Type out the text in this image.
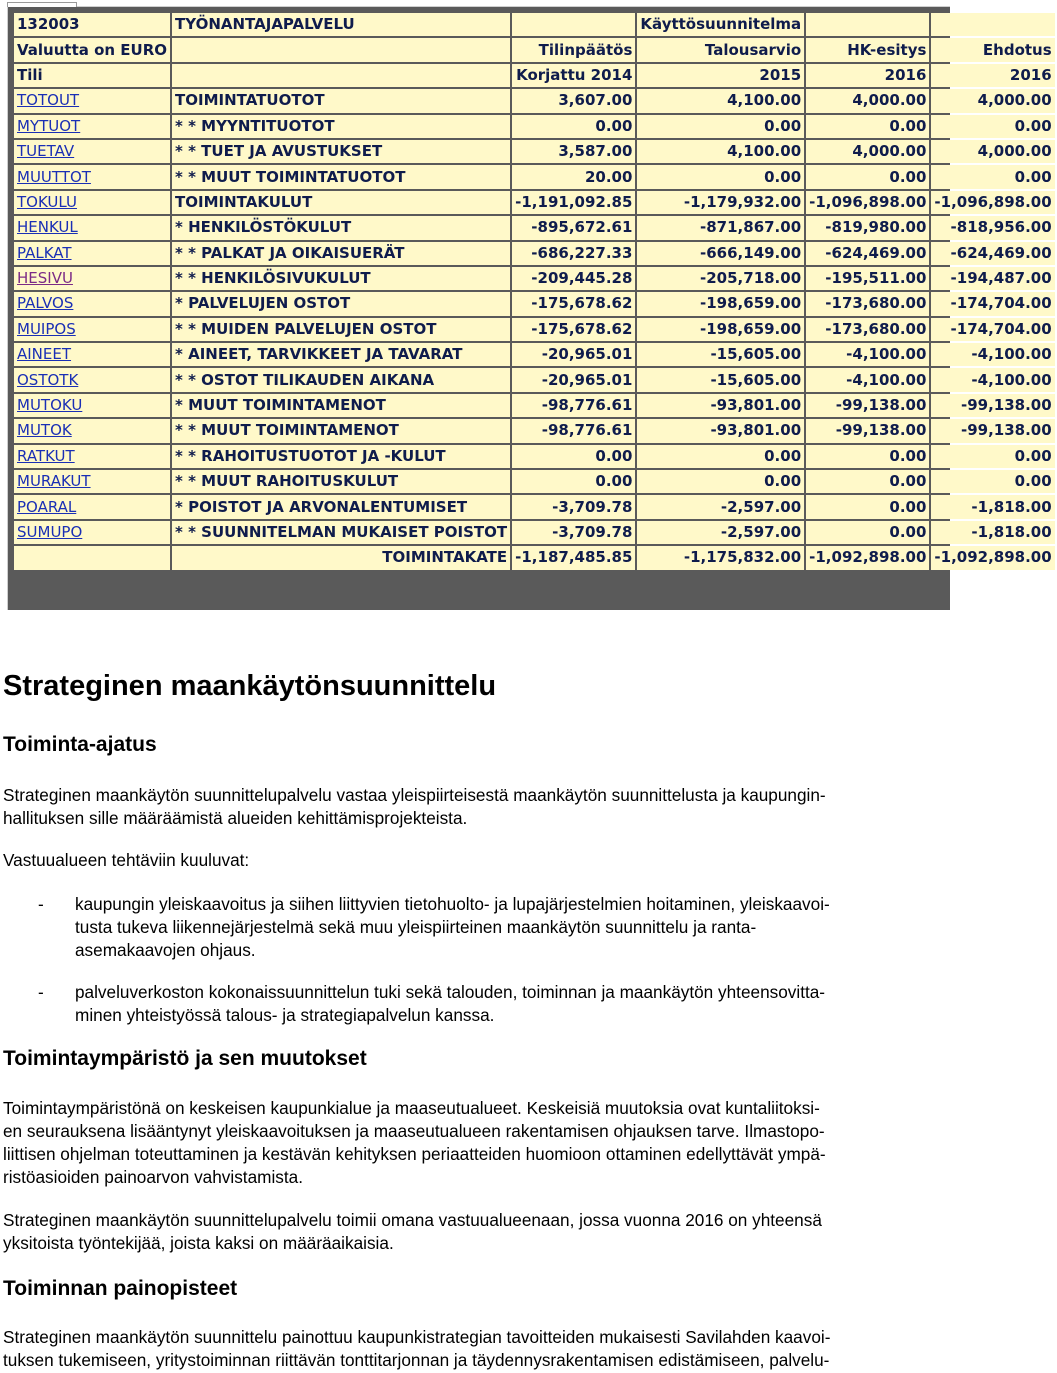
132003	TYÖNANTAJAPALVELU		Käyttösuunnitelma		
Valuutta on EURO		Tilinpäätös	Talousarvio	HK-esitys	Ehdotus
Tili		Korjattu 2014	2015	2016	2016
TOTOUT	TOIMINTATUOTOT	3,607.00	4,100.00	4,000.00	4,000.00
MYTUOT	* * MYYNTITUOTOT	0.00	0.00	0.00	0.00
TUETAV	* * TUET JA AVUSTUKSET	3,587.00	4,100.00	4,000.00	4,000.00
MUUTTOT	* * MUUT TOIMINTATUOTOT	20.00	0.00	0.00	0.00
TOKULU	TOIMINTAKULUT	-1,191,092.85	-1,179,932.00	-1,096,898.00	-1,096,898.00
HENKUL	* HENKILÖSTÖKULUT	-895,672.61	-871,867.00	-819,980.00	-818,956.00
PALKAT	* * PALKAT JA OIKAISUERÄT	-686,227.33	-666,149.00	-624,469.00	-624,469.00
HESIVU	* * HENKILÖSIVUKULUT	-209,445.28	-205,718.00	-195,511.00	-194,487.00
PALVOS	* PALVELUJEN OSTOT	-175,678.62	-198,659.00	-173,680.00	-174,704.00
MUIPOS	* * MUIDEN PALVELUJEN OSTOT	-175,678.62	-198,659.00	-173,680.00	-174,704.00
AINEET	* AINEET, TARVIKKEET JA TAVARAT	-20,965.01	-15,605.00	-4,100.00	-4,100.00
OSTOTK	* * OSTOT TILIKAUDEN AIKANA	-20,965.01	-15,605.00	-4,100.00	-4,100.00
MUTOKU	* MUUT TOIMINTAMENOT	-98,776.61	-93,801.00	-99,138.00	-99,138.00
MUTOK	* * MUUT TOIMINTAMENOT	-98,776.61	-93,801.00	-99,138.00	-99,138.00
RATKUT	* * RAHOITUSTUOTOT JA -KULUT	0.00	0.00	0.00	0.00
MURAKUT	* * MUUT RAHOITUSKULUT	0.00	0.00	0.00	0.00
POARAL	* POISTOT JA ARVONALENTUMISET	-3,709.78	-2,597.00	0.00	-1,818.00
SUMUPO	* * SUUNNITELMAN MUKAISET POISTOT	-3,709.78	-2,597.00	0.00	-1,818.00
	TOIMINTAKATE	-1,187,485.85	-1,175,832.00	-1,092,898.00	-1,092,898.00
Strateginen maankäytönsuunnittelu
Toiminta-ajatus
Strateginen maankäytön suunnittelupalvelu vastaa yleispiirteisestä maankäytön suunnittelusta ja kaupungin-
hallituksen sille määräämistä alueiden kehittämisprojekteista.
Vastuualueen tehtäviin kuuluvat:
- kaupungin yleiskaavoitus ja siihen liittyvien tietohuolto- ja lupajärjestelmien hoitaminen, yleiskaavoi-
tusta tukeva liikennejärjestelmä sekä muu yleispiirteinen maankäytön suunnittelu ja ranta-
asemakaavojen ohjaus.
- palveluverkoston kokonaissuunnittelun tuki sekä talouden, toiminnan ja maankäytön yhteensovitta-
minen yhteistyössä talous- ja strategiapalvelun kanssa.
Toimintaympäristö ja sen muutokset
Toimintaympäristönä on keskeisen kaupunkialue ja maaseutualueet. Keskeisiä muutoksia ovat kuntaliitoksi-
en seurauksena lisääntynyt yleiskaavoituksen ja maaseutualueen rakentamisen ohjauksen tarve. Ilmastopo-
liittisen ohjelman toteuttaminen ja kestävän kehityksen periaatteiden huomioon ottaminen edellyttävät ympä-
ristöasioiden painoarvon vahvistamista.
Strateginen maankäytön suunnittelupalvelu toimii omana vastuualueenaan, jossa vuonna 2016 on yhteensä
yksitoista työntekijää, joista kaksi on määräaikaisia.
Toiminnan painopisteet
Strateginen maankäytön suunnittelu painottuu kaupunkistrategian tavoitteiden mukaisesti Savilahden kaavoi-
tuksen tukemiseen, yritystoiminnan riittävän tonttitarjonnan ja täydennysrakentamisen edistämiseen, palvelu-
